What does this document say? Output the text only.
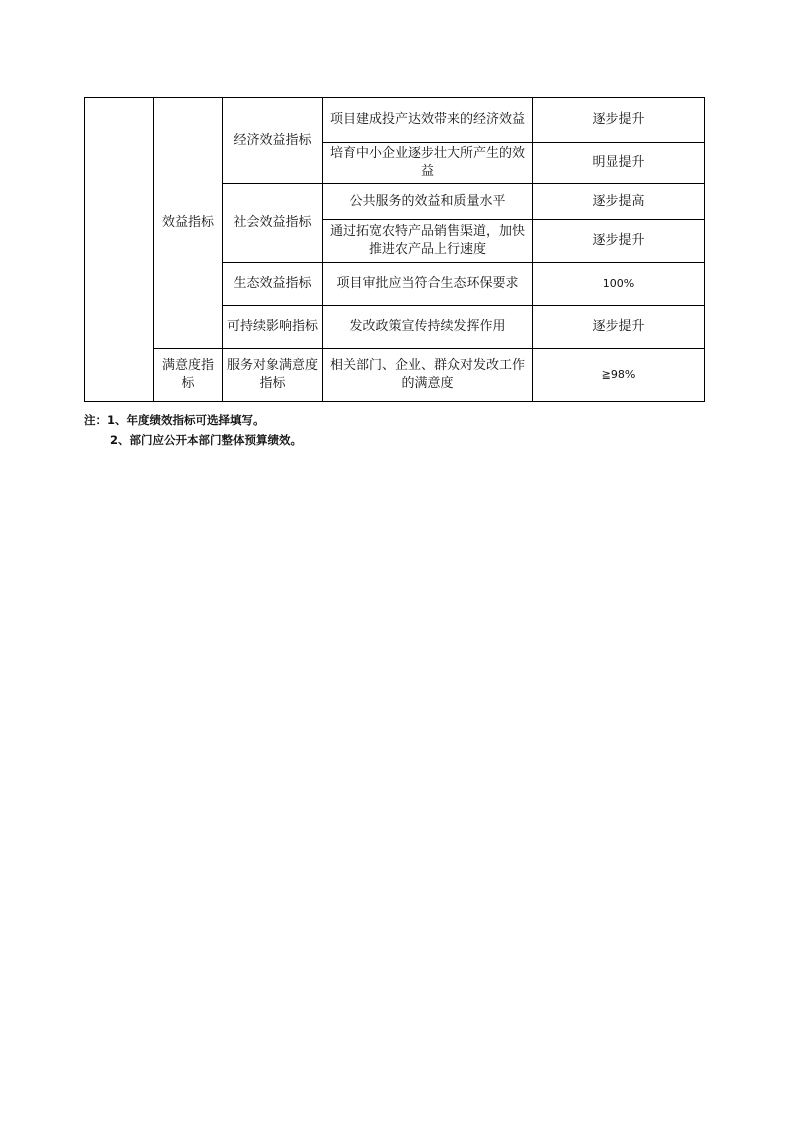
	效益指标	经济效益指标	项目建成投产达效带来的经济效益	逐步提升
			培育中小企业逐步壮大所产生的效益	明显提升
		社会效益指标	公共服务的效益和质量水平	逐步提高
			通过拓宽农特产品销售渠道，加快推进农产品上行速度	逐步提升
		生态效益指标	项目审批应当符合生态环保要求	100%
		可持续影响指标	发改政策宣传持续发挥作用	逐步提升
	满意度指标	服务对象满意度指标	相关部门、企业、群众对发改工作的满意度	≧98%
注：1、年度绩效指标可选择填写。
2、部门应公开本部门整体预算绩效。
